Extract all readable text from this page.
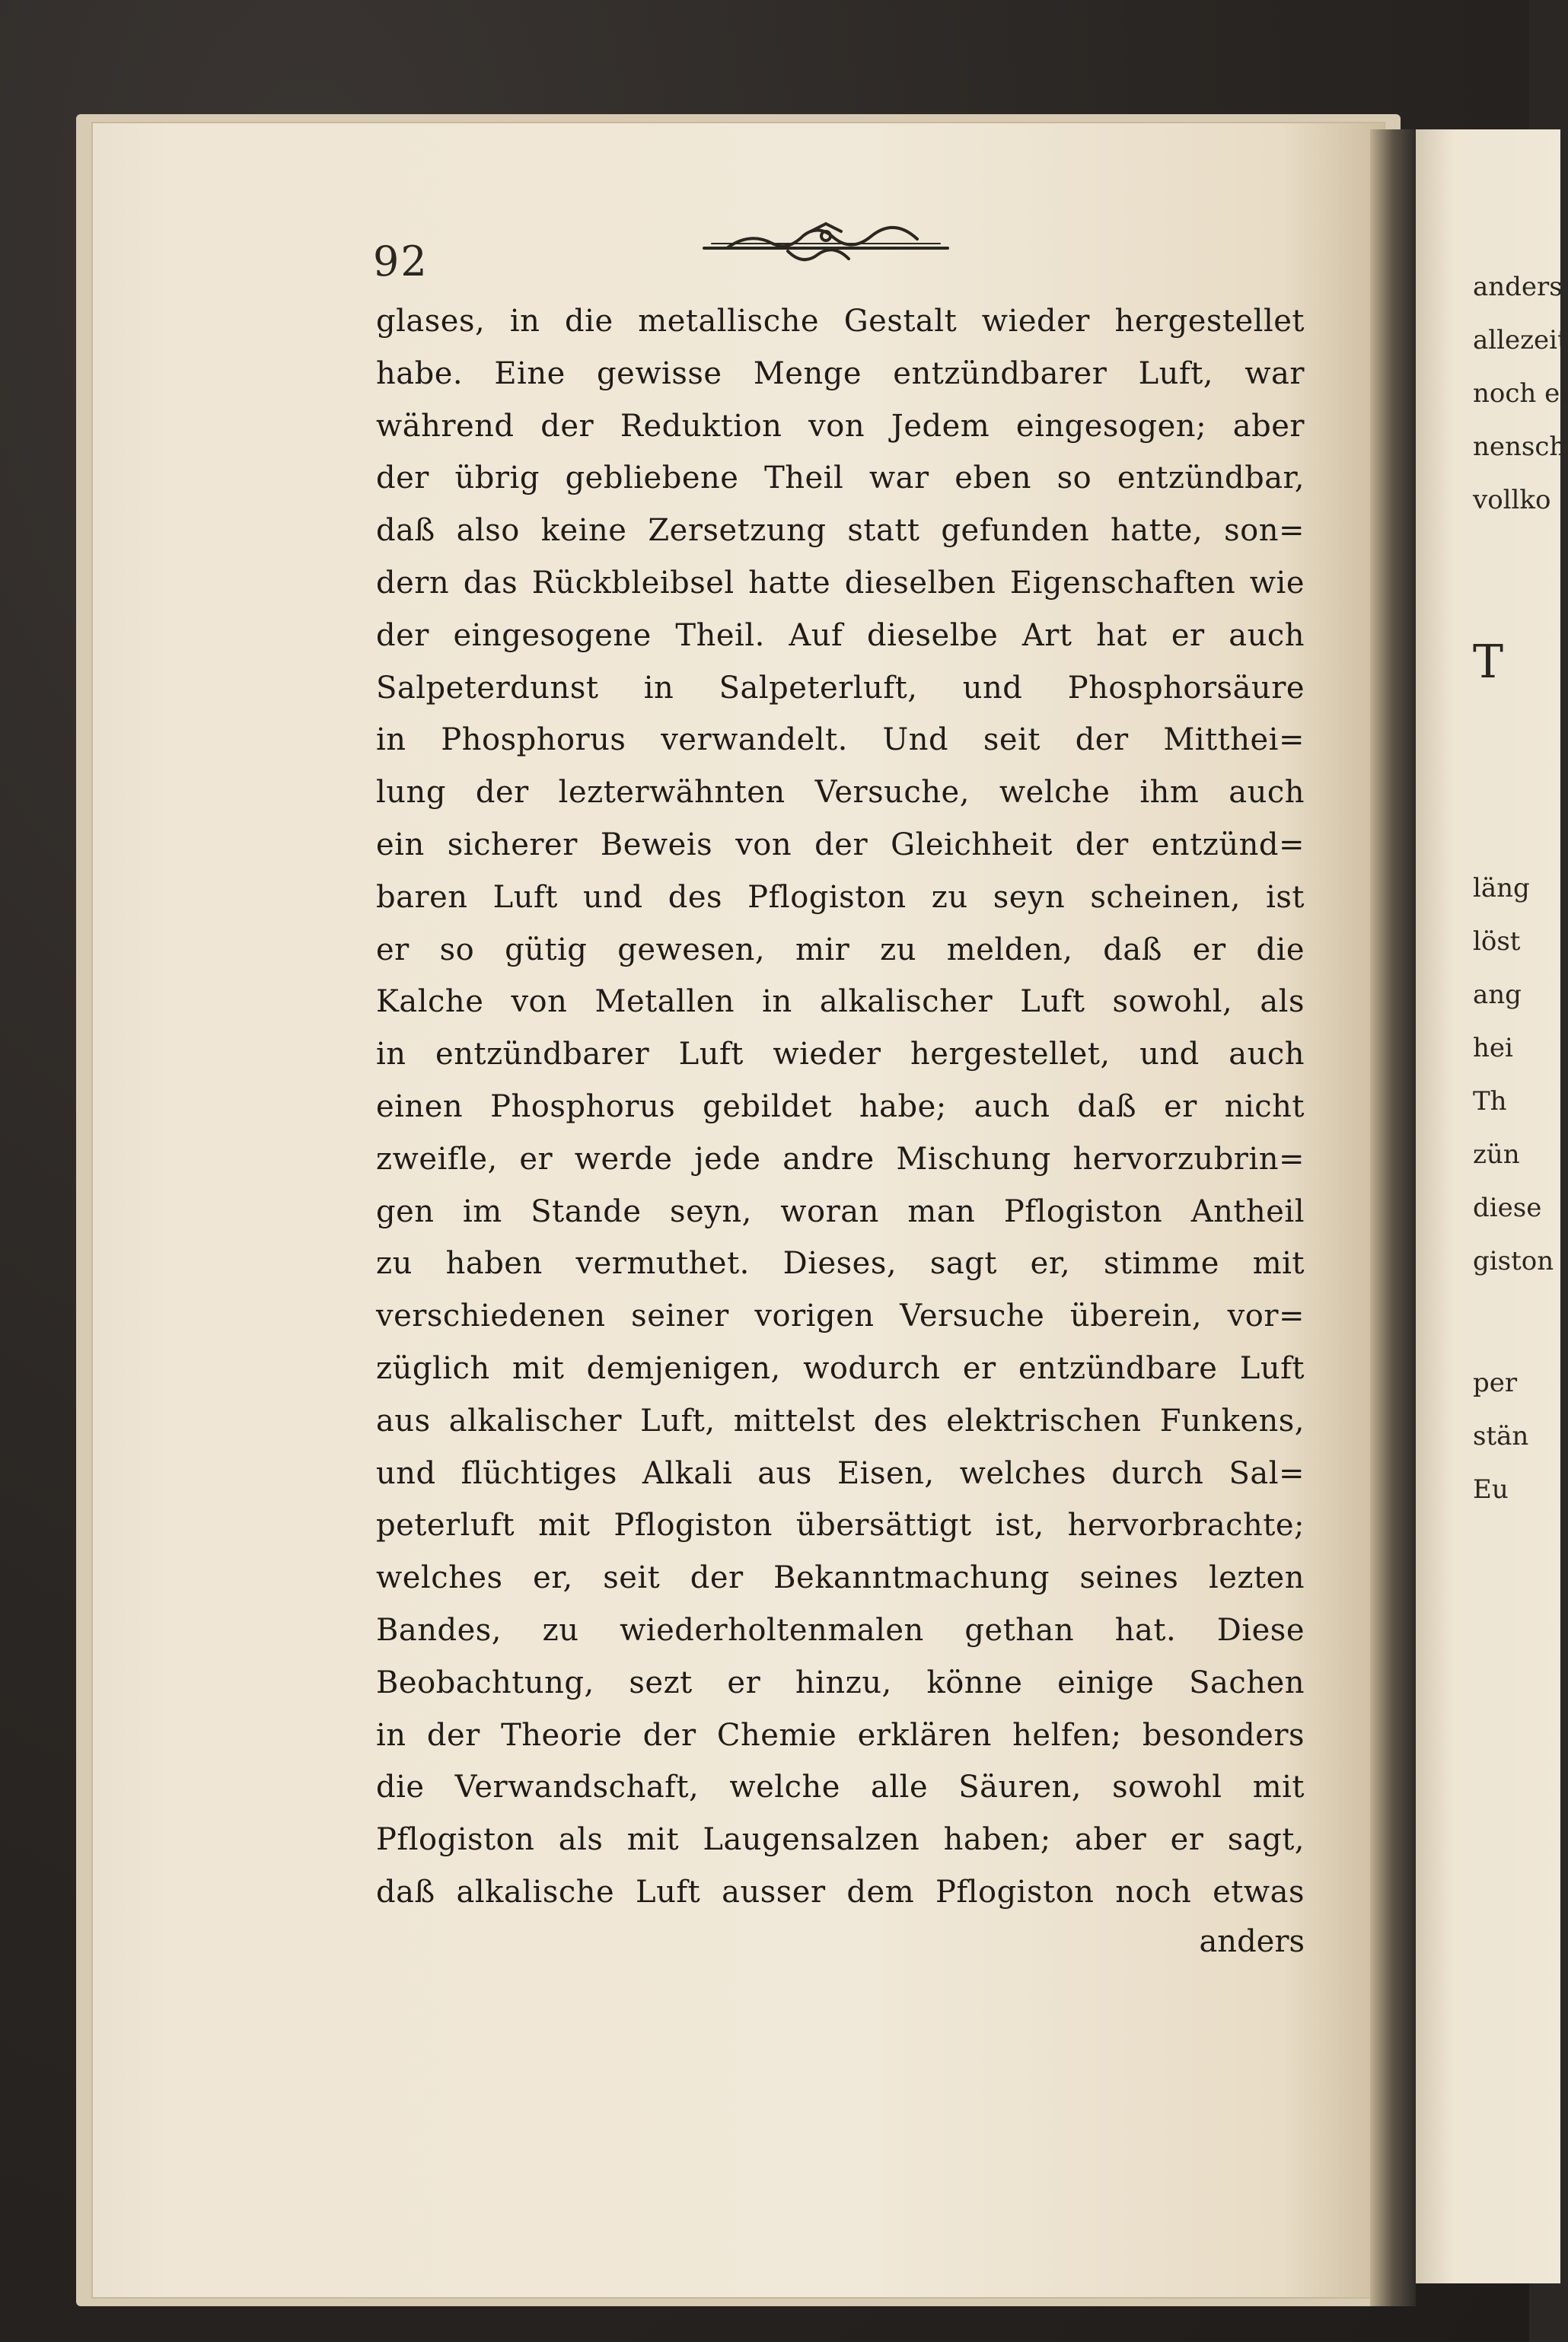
92
glases, in die metallische Gestalt wieder hergestellet
habe. Eine gewisse Menge entzündbarer Luft, war
während der Reduktion von Jedem eingesogen; aber
der übrig gebliebene Theil war eben so entzündbar,
daß also keine Zersetzung statt gefunden hatte, son=
dern das Rückbleibsel hatte dieselben Eigenschaften wie
der eingesogene Theil. Auf dieselbe Art hat er auch
Salpeterdunst in Salpeterluft, und Phosphorsäure
in Phosphorus verwandelt. Und seit der Mitthei=
lung der lezterwähnten Versuche, welche ihm auch
ein sicherer Beweis von der Gleichheit der entzünd=
baren Luft und des Pflogiston zu seyn scheinen, ist
er so gütig gewesen, mir zu melden, daß er die
Kalche von Metallen in alkalischer Luft sowohl, als
in entzündbarer Luft wieder hergestellet, und auch
einen Phosphorus gebildet habe; auch daß er nicht
zweifle, er werde jede andre Mischung hervorzubrin=
gen im Stande seyn, woran man Pflogiston Antheil
zu haben vermuthet. Dieses, sagt er, stimme mit
verschiedenen seiner vorigen Versuche überein, vor=
züglich mit demjenigen, wodurch er entzündbare Luft
aus alkalischer Luft, mittelst des elektrischen Funkens,
und flüchtiges Alkali aus Eisen, welches durch Sal=
peterluft mit Pflogiston übersättigt ist, hervorbrachte;
welches er, seit der Bekanntmachung seines lezten
Bandes, zu wiederholtenmalen gethan hat. Diese
Beobachtung, sezt er hinzu, könne einige Sachen
in der Theorie der Chemie erklären helfen; besonders
die Verwandschaft, welche alle Säuren, sowohl mit
Pflogiston als mit Laugensalzen haben; aber er sagt,
daß alkalische Luft ausser dem Pflogiston noch etwas
anders
anders
allezeit
noch ei
nensch
vollko
T
läng
löst
ang
hei
Th
zün
diese
giston
per
stän
Eu
